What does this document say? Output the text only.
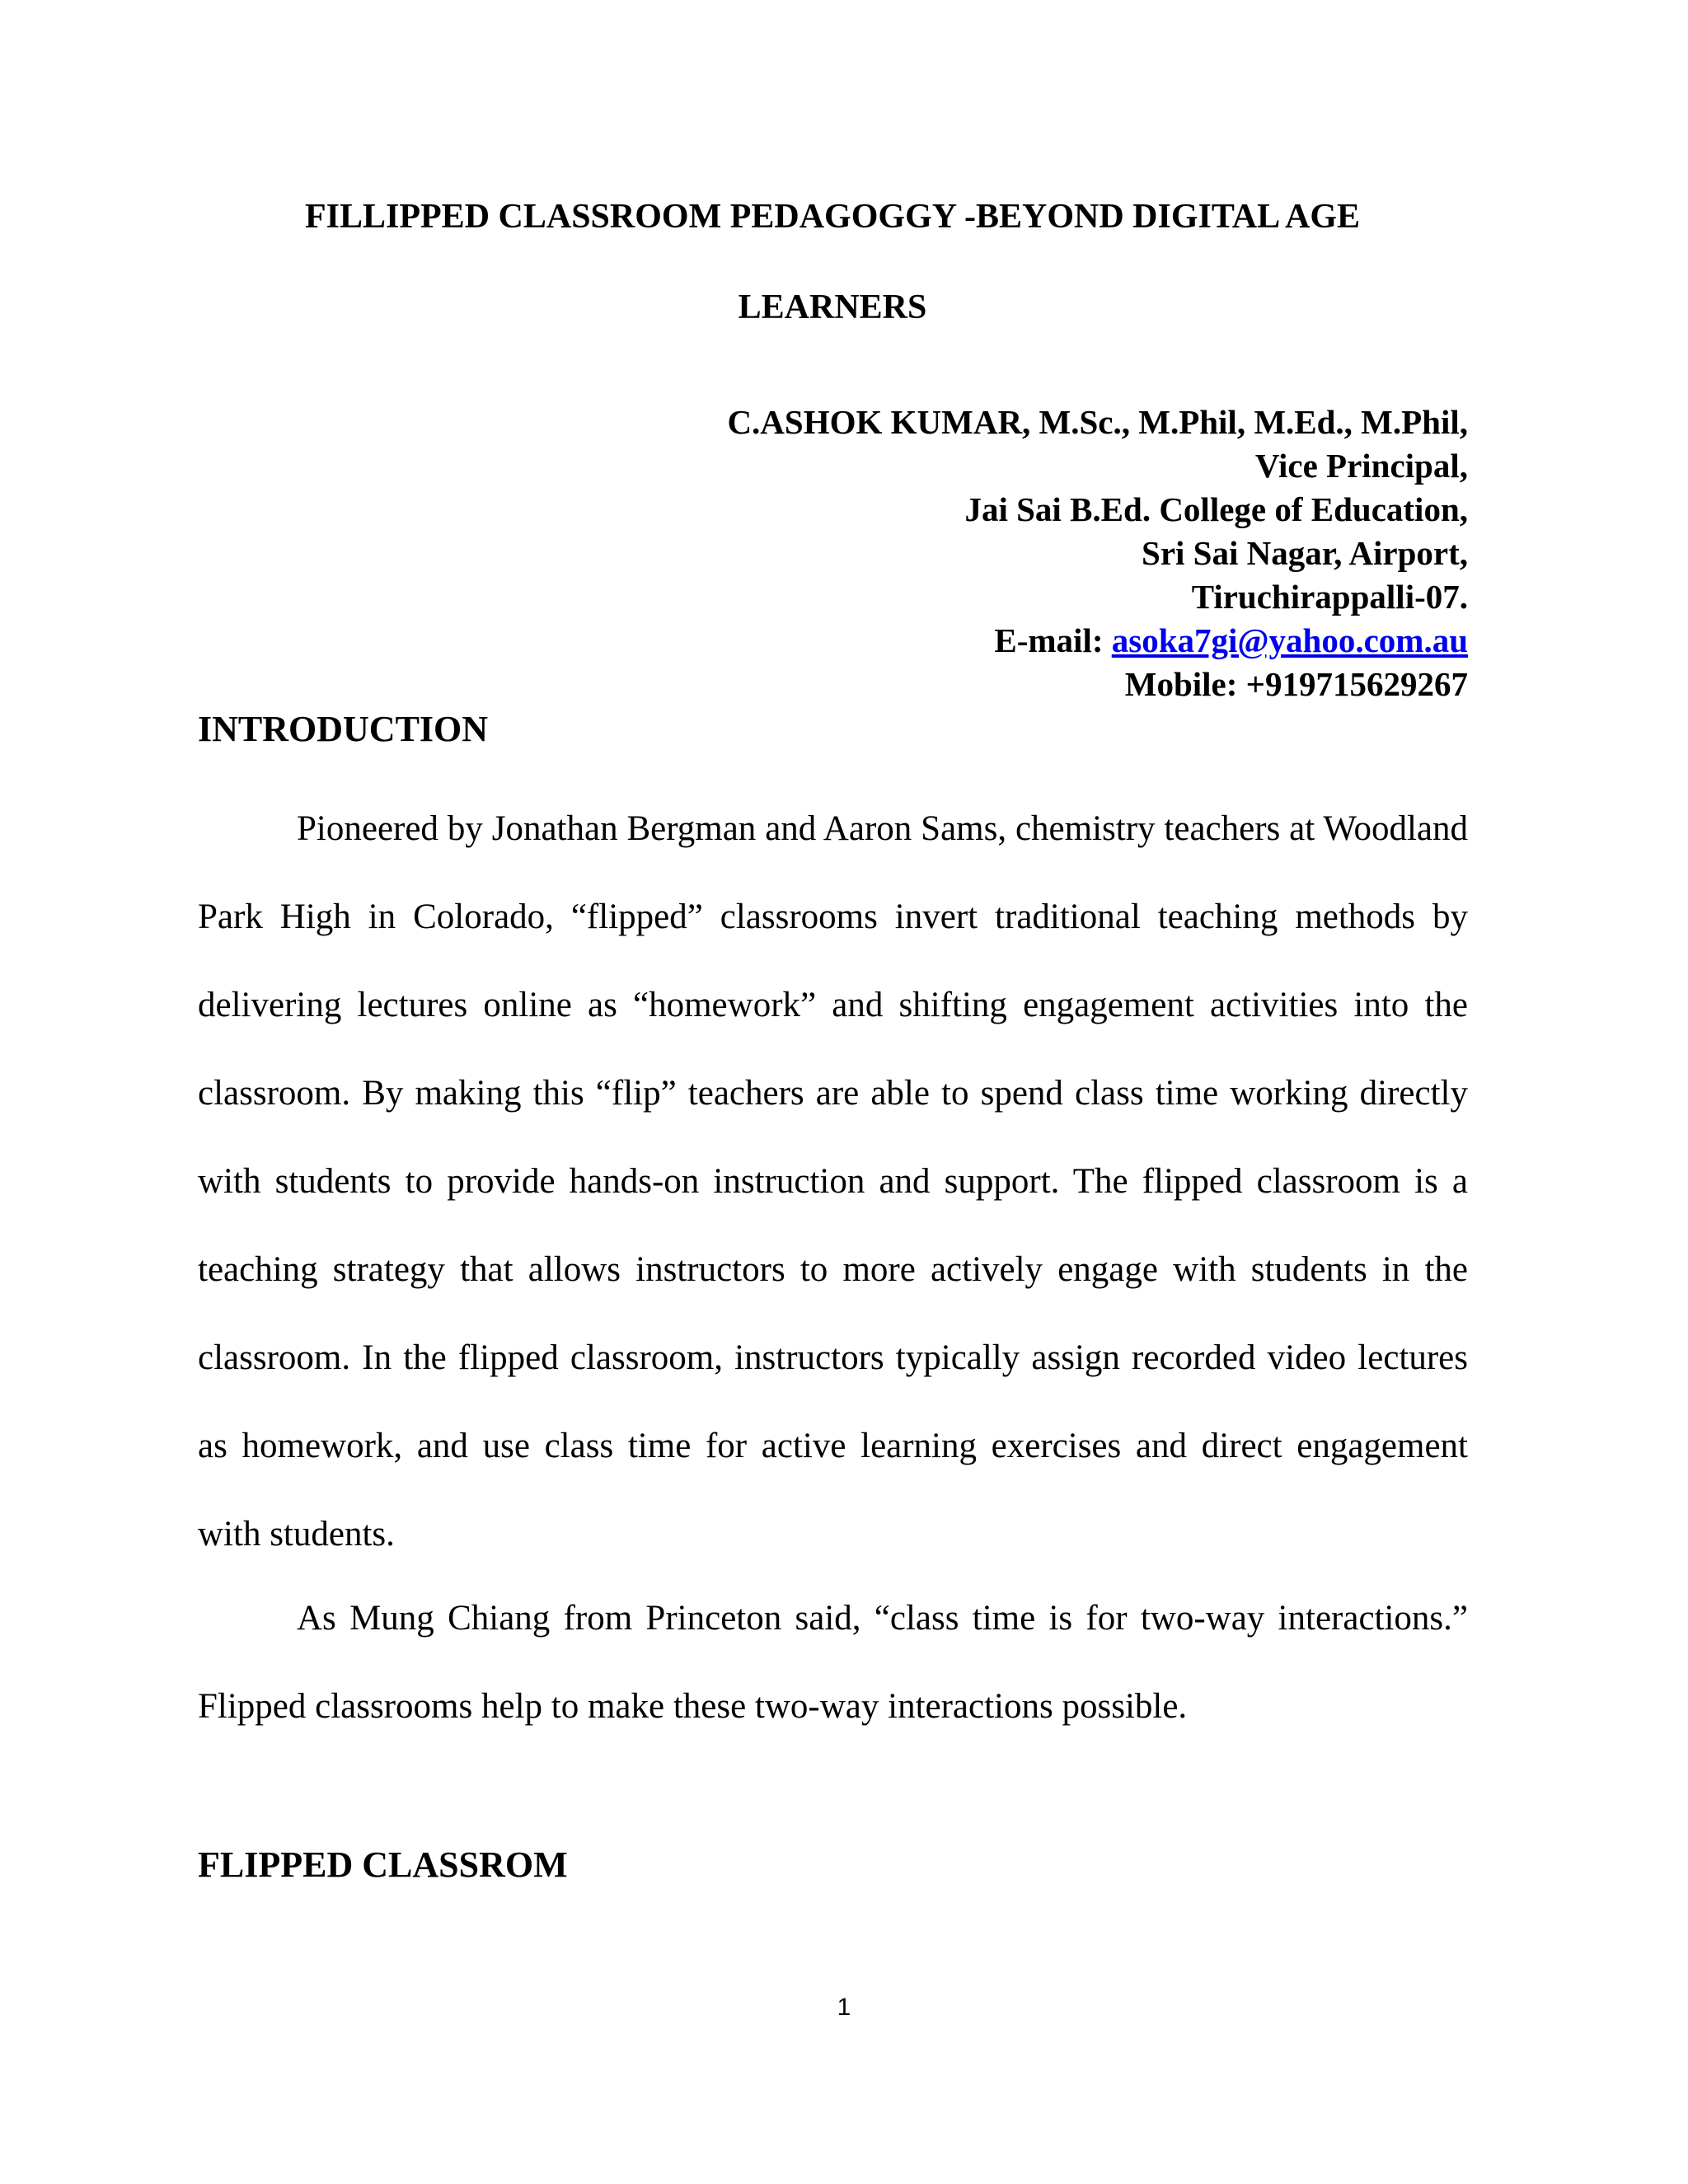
FILLIPPED CLASSROOM PEDAGOGGY -BEYOND DIGITAL AGE
LEARNERS
C.ASHOK KUMAR, M.Sc., M.Phil, M.Ed., M.Phil,
Vice Principal,
Jai Sai B.Ed. College of Education,
Sri Sai Nagar, Airport,
Tiruchirappalli-07.
E-mail: asoka7gi@yahoo.com.au
Mobile: +919715629267
INTRODUCTION

Pioneered by Jonathan Bergman and Aaron Sams, chemistry teachers at Woodland Park High in Colorado, “flipped” classrooms invert traditional teaching methods by delivering lectures online as “homework” and shifting engagement activities into the classroom. By making this “flip” teachers are able to spend class time working directly with students to provide hands-on instruction and support. The flipped classroom is a teaching strategy that allows instructors to more actively engage with students in the classroom. In the flipped classroom, instructors typically assign recorded video lectures as homework, and use class time for active learning exercises and direct engagement with students.

As Mung Chiang from Princeton said, “class time is for two-way interactions.” Flipped classrooms help to make these two-way interactions possible.

FLIPPED CLASSROM
1
